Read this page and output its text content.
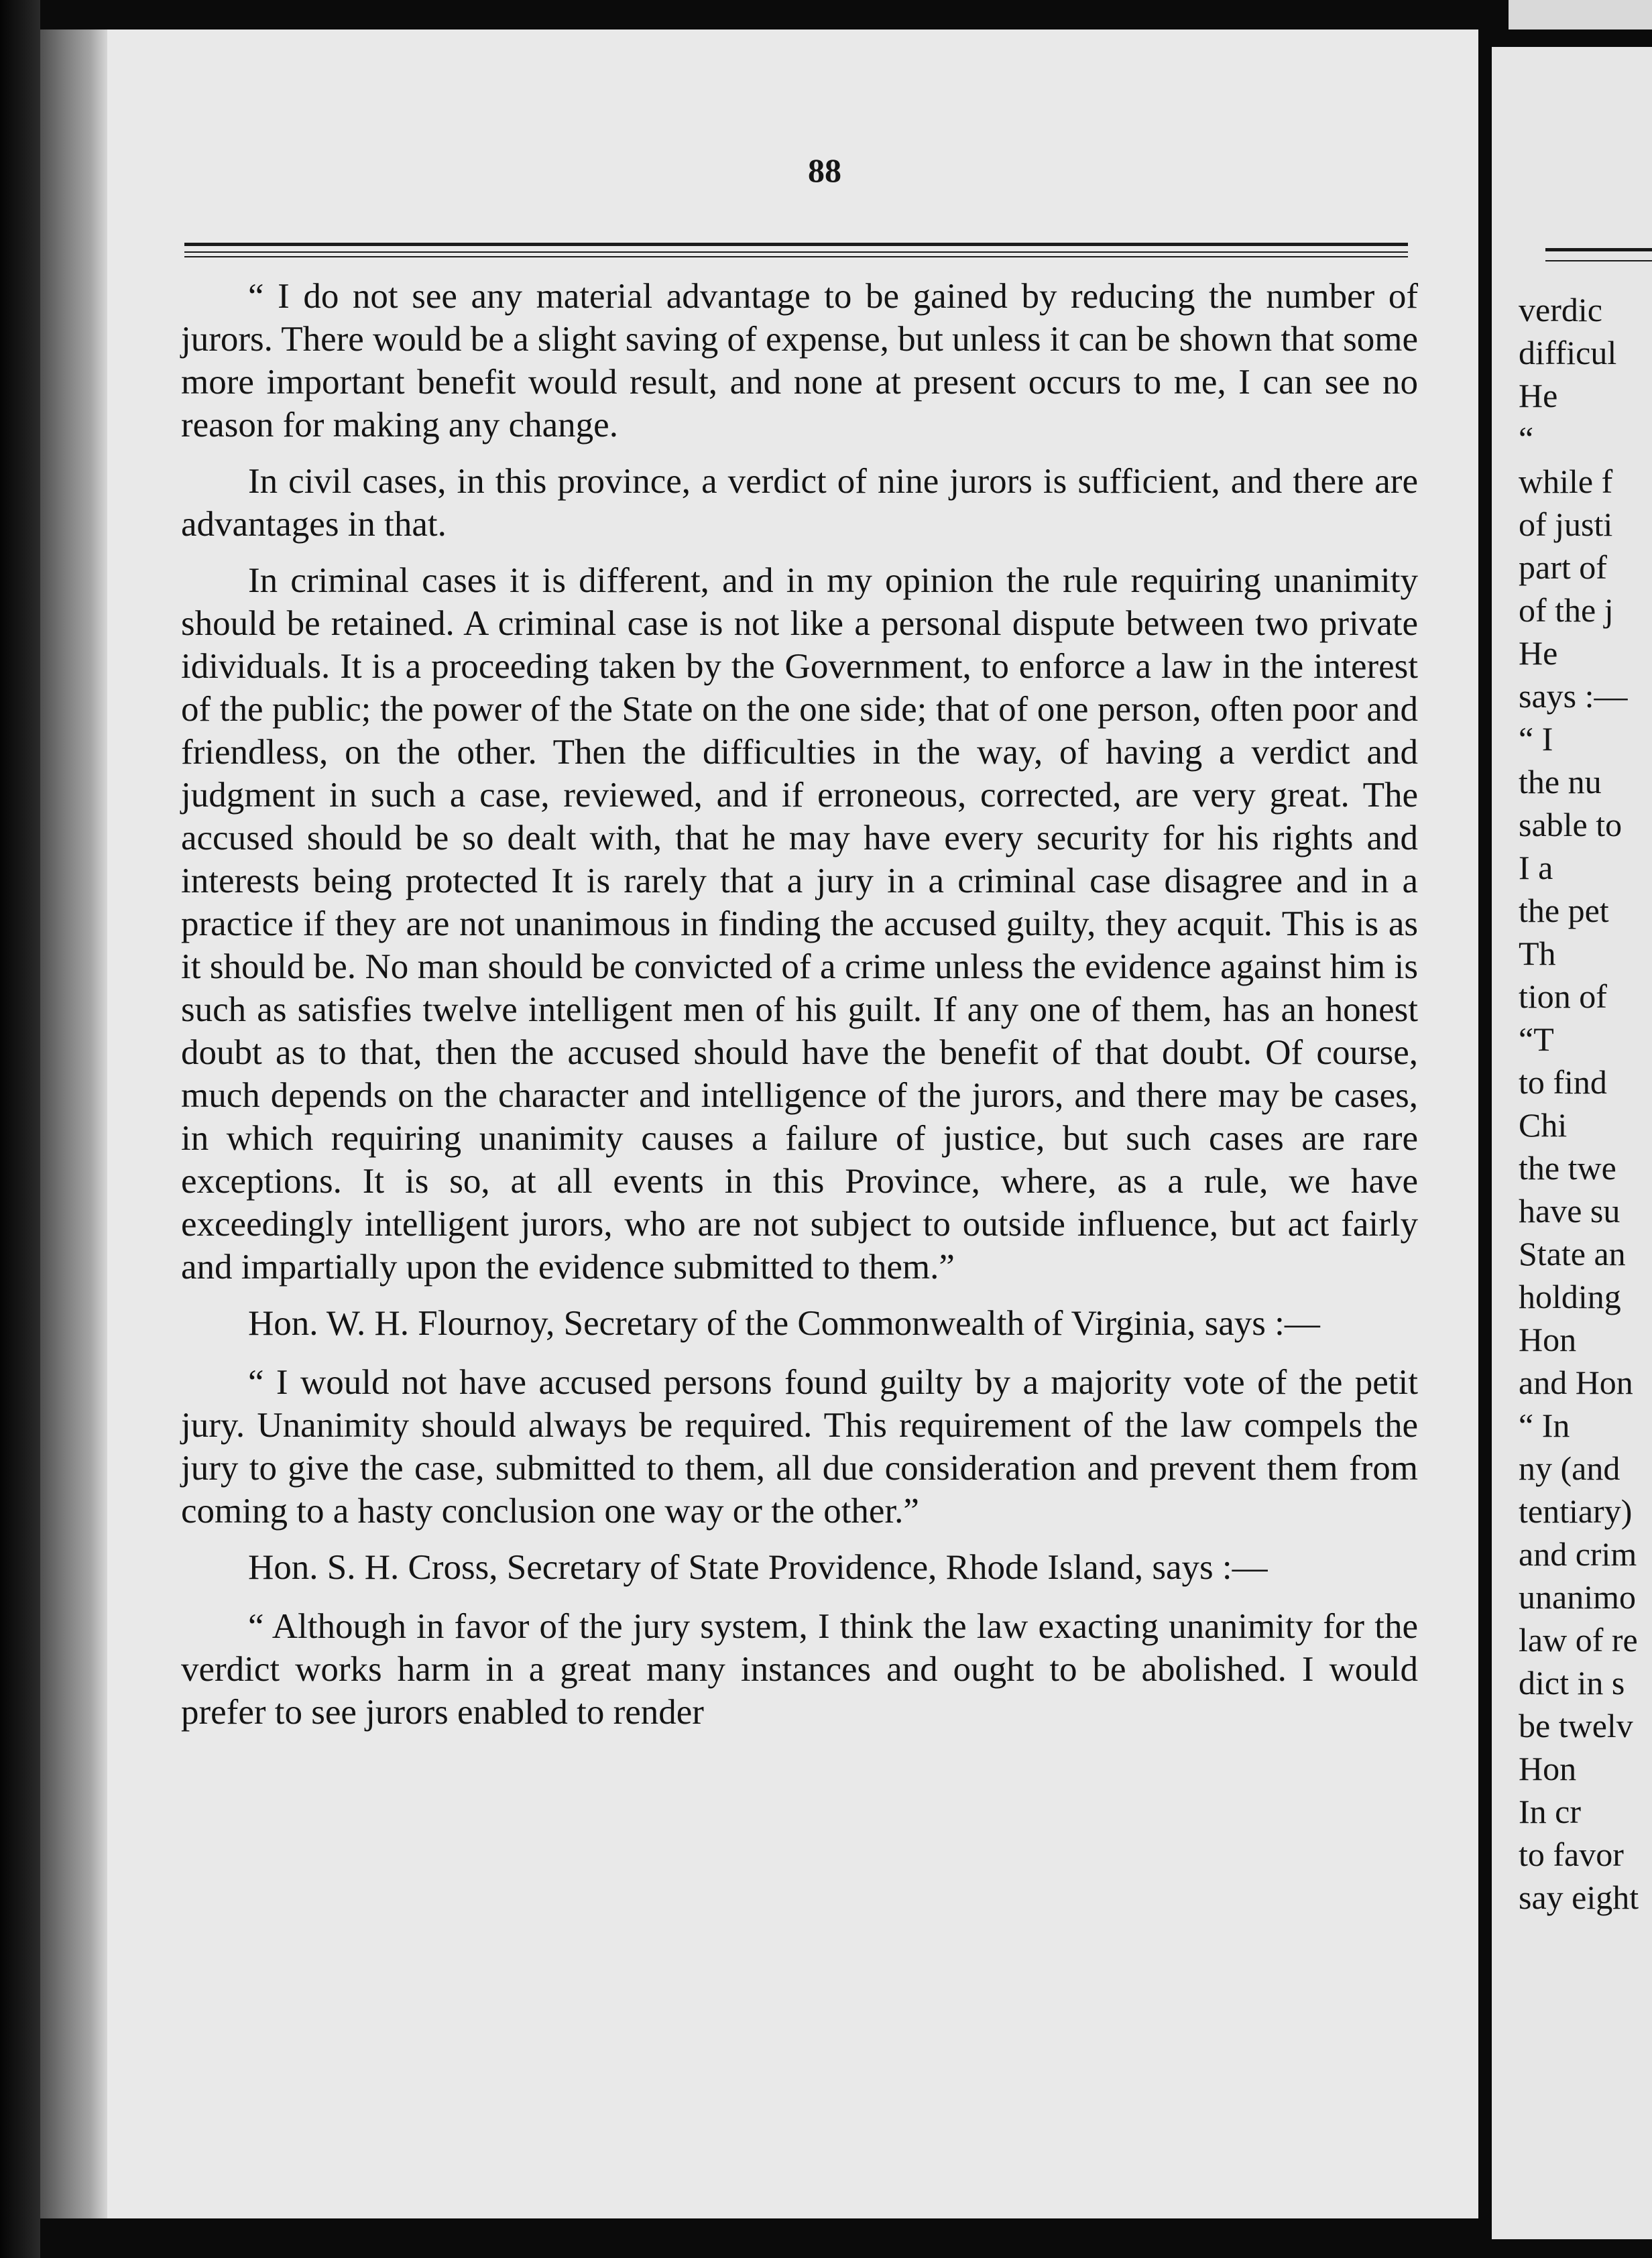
88

“ I do not see any material advantage to be gained by reducing the number of jurors. There would be a slight saving of expense, but unless it can be shown that some more important benefit would result, and none at present occurs to me, I can see no reason for making any change.

In civil cases, in this province, a verdict of nine jurors is sufficient, and there are advantages in that.

In criminal cases it is different, and in my opinion the rule requiring unanimity should be retained. A criminal case is not like a personal dispute between two private idividuals. It is a proceeding taken by the Government, to enforce a law in the interest of the public; the power of the State on the one side; that of one person, often poor and friendless, on the other. Then the difficulties in the way, of having a verdict and judgment in such a case, reviewed, and if erroneous, corrected, are very great. The accused should be so dealt with, that he may have every security for his rights and interests being protected It is rarely that a jury in a criminal case disagree and in a practice if they are not unanimous in finding the accused guilty, they acquit. This is as it should be. No man should be convicted of a crime unless the evidence against him is such as satisfies twelve intelligent men of his guilt. If any one of them, has an honest doubt as to that, then the accused should have the benefit of that doubt. Of course, much depends on the character and intelligence of the jurors, and there may be cases, in which requiring unanimity causes a failure of justice, but such cases are rare exceptions. It is so, at all events in this Province, where, as a rule, we have exceedingly intelligent jurors, who are not subject to outside influence, but act fairly and impartially upon the evidence submitted to them.”

Hon. W. H. Flournoy, Secretary of the Commonwealth of Virginia, says :—

“ I would not have accused persons found guilty by a majority vote of the petit jury. Unanimity should always be required. This requirement of the law compels the jury to give the case, submitted to them, all due consideration and prevent them from coming to a hasty conclusion one way or the other.”

Hon. S. H. Cross, Secretary of State Providence, Rhode Island, says :—

“ Although in favor of the jury system, I think the law exacting unanimity for the verdict works harm in a great many instances and ought to be abolished. I would prefer to see jurors enabled to render

verdic
difficul
He
“
while f
of justi
part of
of the j
He
says :—
“ I
the nu
sable to
I a
the pet
Th
tion of
“T
to find
Chi
the twe
have su
State an
holding
Hon
and Hon
“ In
ny (and
tentiary)
and crim
unanimo
law of re
dict in s
be twelv
Hon
In cr
to favor
say eight
